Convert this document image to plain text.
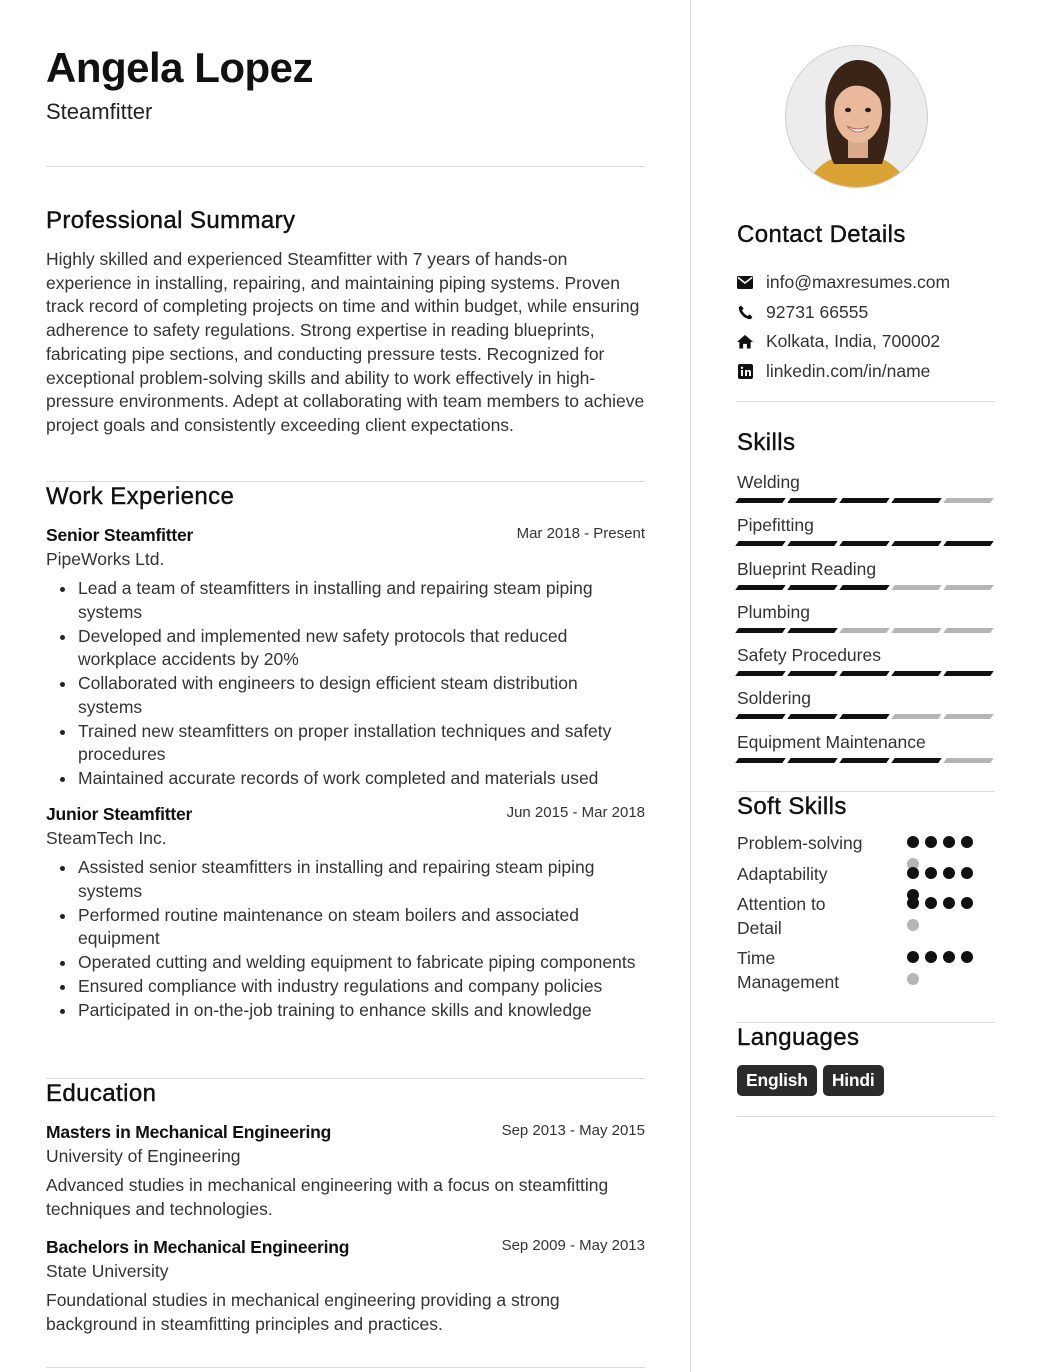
Angela Lopez
Steamfitter
Professional Summary
Highly skilled and experienced Steamfitter with 7 years of hands-on experience in installing, repairing, and maintaining piping systems. Proven track record of completing projects on time and within budget, while ensuring adherence to safety regulations. Strong expertise in reading blueprints, fabricating pipe sections, and conducting pressure tests. Recognized for exceptional problem-solving skills and ability to work effectively in high-pressure environments. Adept at collaborating with team members to achieve project goals and consistently exceeding client expectations.
Work Experience
Senior Steamfitter	Mar 2018 - Present
PipeWorks Ltd.
Lead a team of steamfitters in installing and repairing steam piping systems
Developed and implemented new safety protocols that reduced workplace accidents by 20%
Collaborated with engineers to design efficient steam distribution systems
Trained new steamfitters on proper installation techniques and safety procedures
Maintained accurate records of work completed and materials used
Junior Steamfitter	Jun 2015 - Mar 2018
SteamTech Inc.
Assisted senior steamfitters in installing and repairing steam piping systems
Performed routine maintenance on steam boilers and associated equipment
Operated cutting and welding equipment to fabricate piping components
Ensured compliance with industry regulations and company policies
Participated in on-the-job training to enhance skills and knowledge
Education
Masters in Mechanical Engineering	Sep 2013 - May 2015
University of Engineering
Advanced studies in mechanical engineering with a focus on steamfitting techniques and technologies.
Bachelors in Mechanical Engineering	Sep 2009 - May 2013
State University
Foundational studies in mechanical engineering providing a strong background in steamfitting principles and practices.
Contact Details
info@maxresumes.com
92731 66555
Kolkata, India, 700002
linkedin.com/in/name
Skills
Welding
Pipefitting
Blueprint Reading
Plumbing
Safety Procedures
Soldering
Equipment Maintenance
Soft Skills
Problem-solving
Adaptability
Attention to Detail
Time Management
Languages
English	Hindi
